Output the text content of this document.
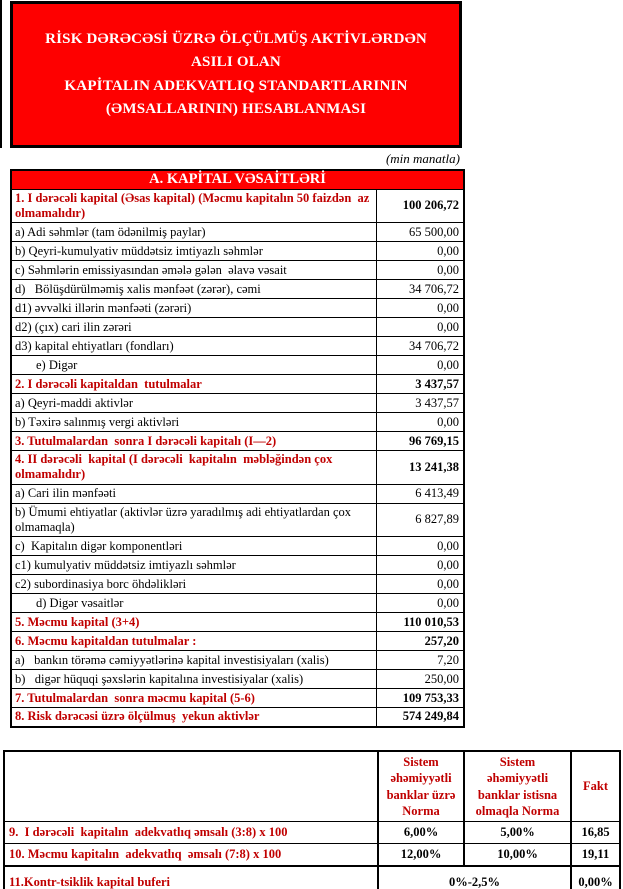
RİSK DƏRƏCƏSİ ÜZRƏ ÖLÇÜLMÜŞ AKTİVLƏRDƏN ASILI OLAN
KAPİTALIN ADEKVATLIQ STANDARTLARININ
(ƏMSALLARININ) HESABLANMASI
(min manatla)
A. KAPİTAL VƏSAİTLƏRİ	
1. I dərəcəli kapital (Əsas kapital) (Məcmu kapitalın 50 faizdən  az olmamalıdır)	100 206,72
a) Adi səhmlər (tam ödənilmiş paylar)	65 500,00
b) Qeyri-kumulyativ müddətsiz imtiyazlı səhmlər	0,00
c) Səhmlərin emissiyasından əmələ gələn  əlavə vəsait	0,00
d)   Bölüşdürülməmiş xalis mənfəət (zərər), cəmi	34 706,72
d1) əvvəlki illərin mənfəəti (zərəri)	0,00
d2) (çıx) cari ilin zərəri	0,00
d3) kapital ehtiyatları (fondları)	34 706,72
e) Digər	0,00
2. I dərəcəli kapitaldan  tutulmalar	3 437,57
a) Qeyri-maddi aktivlər	3 437,57
b) Təxirə salınmış vergi aktivləri	0,00
3. Tutulmalardan  sonra I dərəcəli kapitalı (I—2)	96 769,15
4. II dərəcəli  kapital (I dərəcəli  kapitalın  məbləğindən çox olmamalıdır)	13 241,38
a) Cari ilin mənfəəti	6 413,49
b) Ümumi ehtiyatlar (aktivlər üzrə yaradılmış adi ehtiyatlardan çox olmamaqla)	6 827,89
c)  Kapitalın digər komponentləri	0,00
c1) kumulyativ müddətsiz imtiyazlı səhmlər	0,00
c2) subordinasiya borc öhdəlikləri	0,00
d) Digər vəsaitlər	0,00
5. Məcmu kapital (3+4)	110 010,53
6. Məcmu kapitaldan tutulmalar :	257,20
a)   bankın törəmə cəmiyyətlərinə kapital investisiyaları (xalis)	7,20
b)   digər hüquqi şəxslərin kapitalına investisiyalar (xalis)	250,00
7. Tutulmalardan  sonra məcmu kapital (5-6)	109 753,33
8. Risk dərəcəsi üzrə ölçülmuş  yekun aktivlər	574 249,84
	Sistem əhəmiyyətli banklar üzrə Norma	Sistem əhəmiyyətli banklar istisna olmaqla Norma	Fakt
9.  I dərəcəli  kapitalın  adekvatlıq əmsalı (3:8) x 100	6,00%	5,00%	16,85
10. Məcmu kapitalın  adekvatlıq  əmsalı (7:8) x 100	12,00%	10,00%	19,11
11.Kontr-tsiklik kapital buferi	0%-2,5%		0,00%
